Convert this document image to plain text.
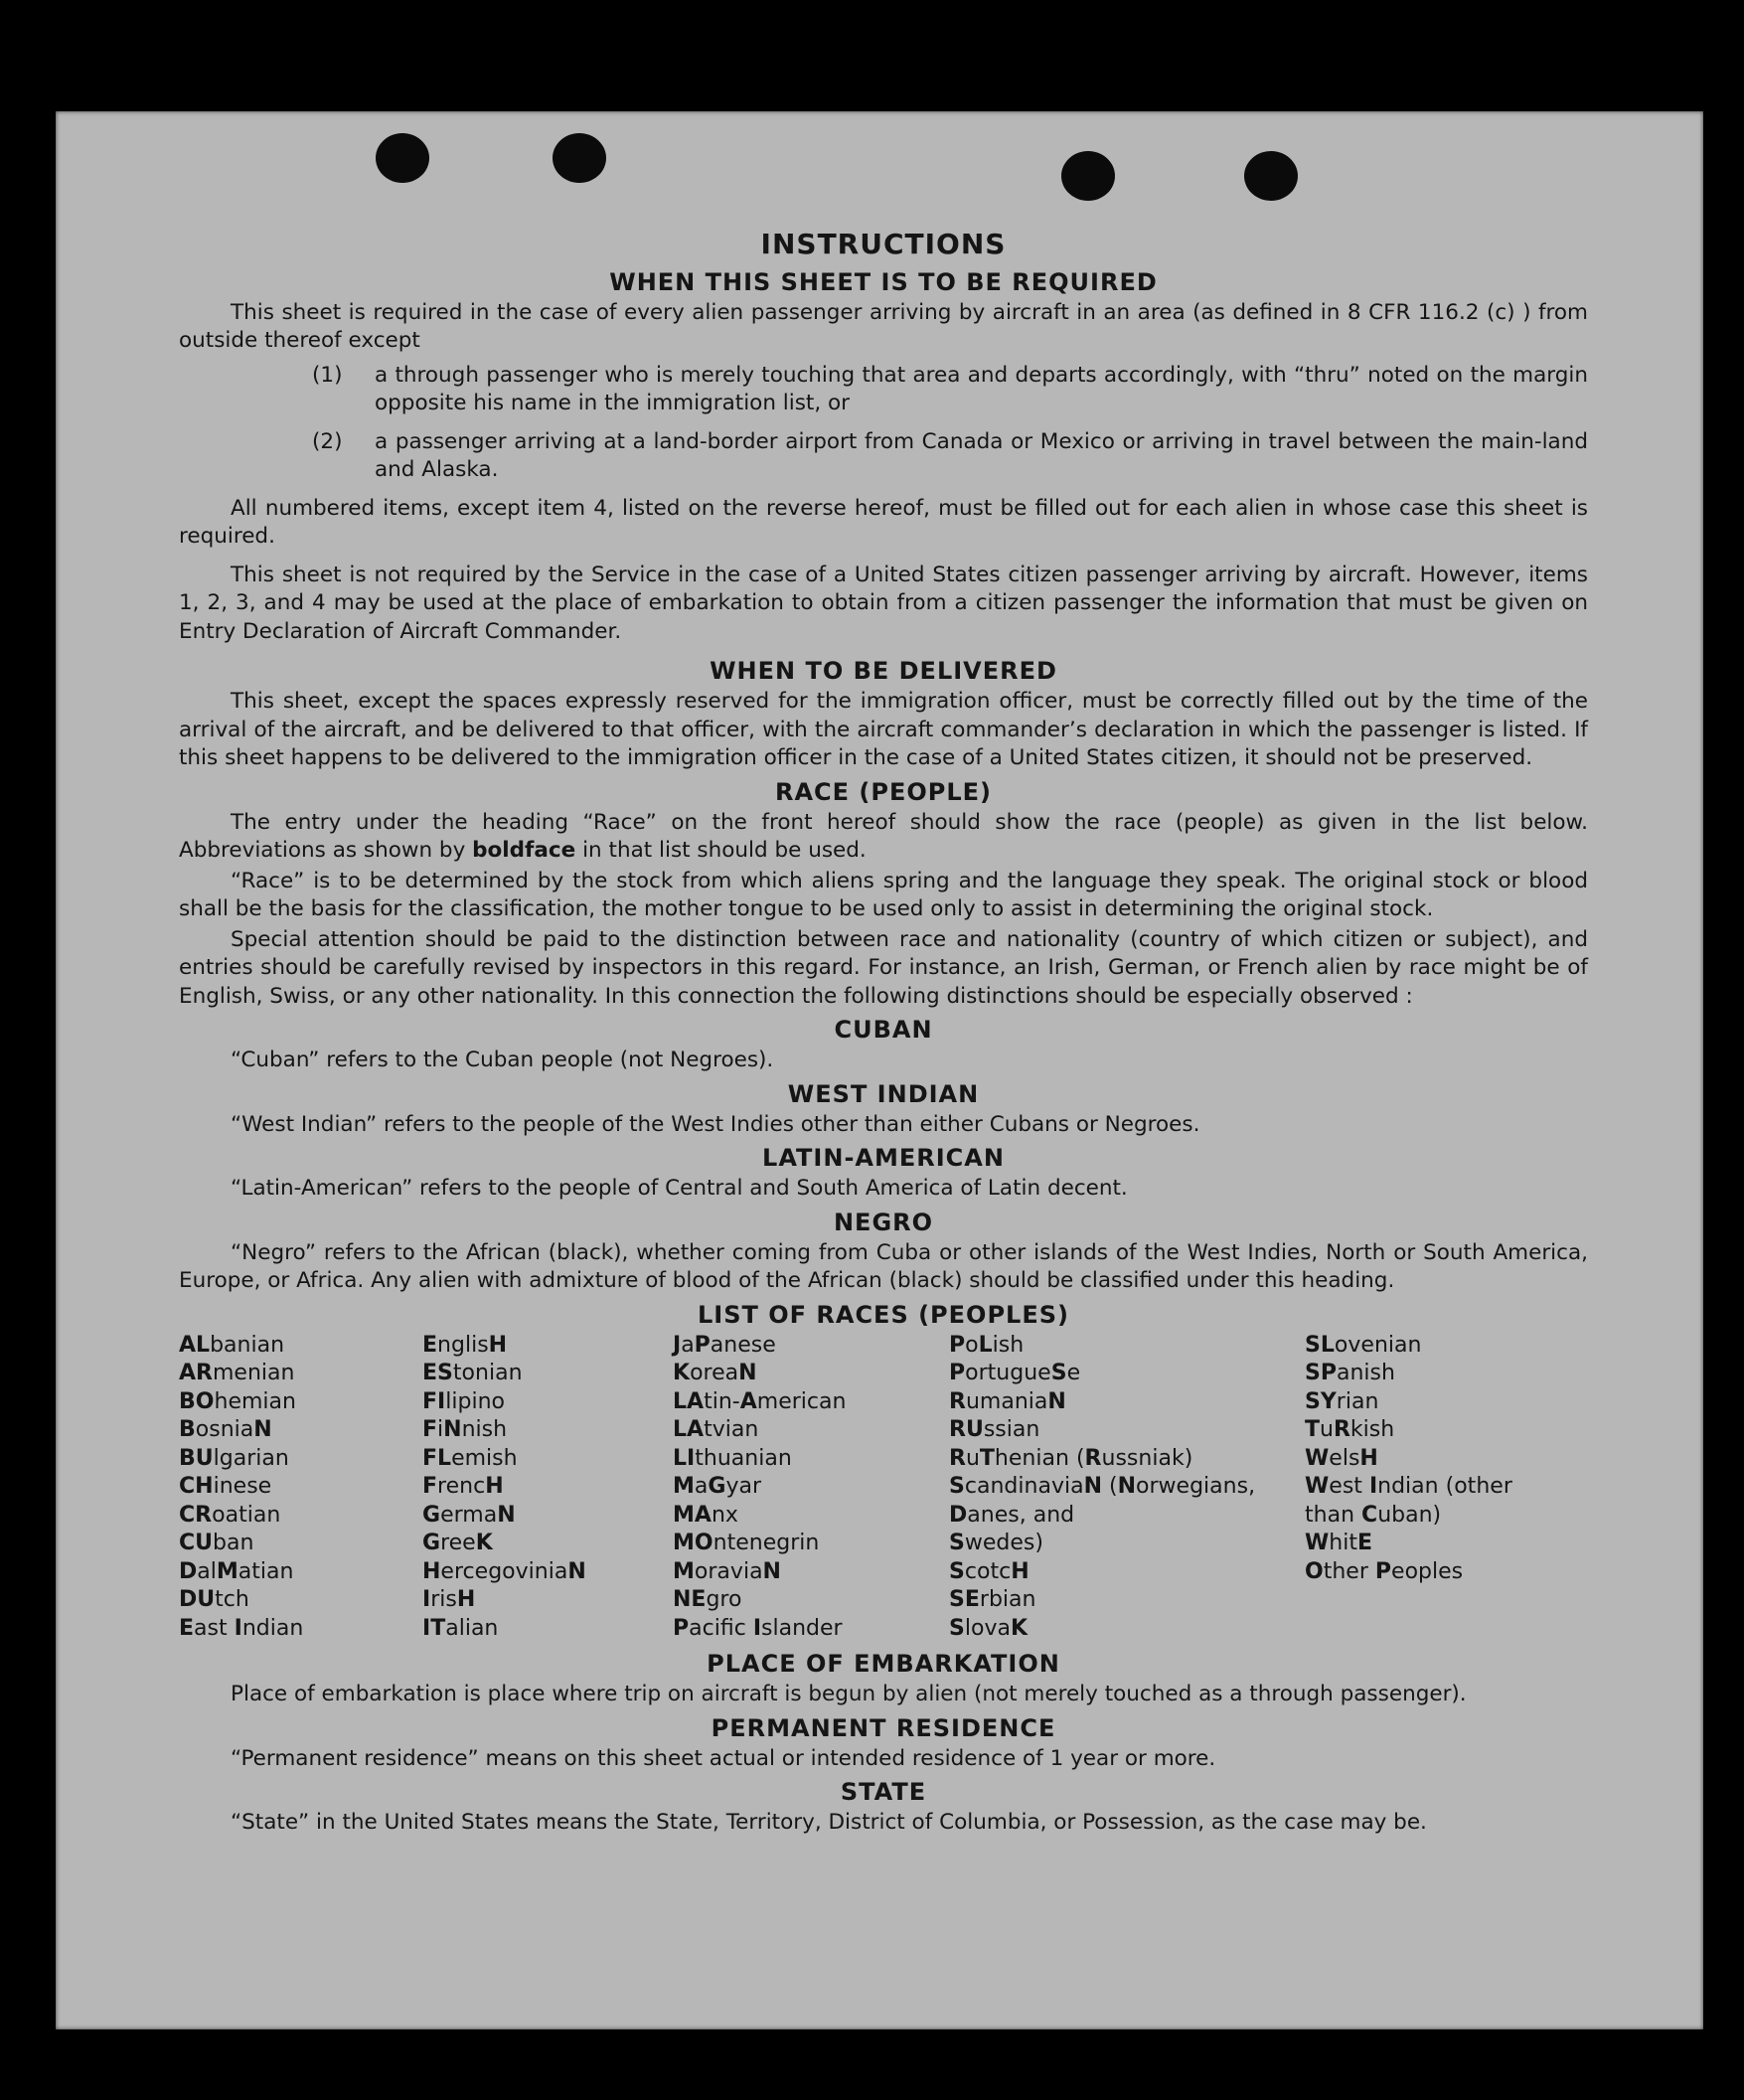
INSTRUCTIONS
WHEN THIS SHEET IS TO BE REQUIRED

This sheet is required in the case of every alien passenger arriving by aircraft in an area (as defined in 8 CFR 116.2 (c) ) from outside thereof except

(1) a through passenger who is merely touching that area and departs accordingly, with “thru” noted on the margin opposite his name in the immigration list, or
(2) a passenger arriving at a land-border airport from Canada or Mexico or arriving in travel between the main-land and Alaska.

All numbered items, except item 4, listed on the reverse hereof, must be filled out for each alien in whose case this sheet is required.

This sheet is not required by the Service in the case of a United States citizen passenger arriving by aircraft. However, items 1, 2, 3, and 4 may be used at the place of embarkation to obtain from a citizen passenger the information that must be given on Entry Declaration of Aircraft Commander.

WHEN TO BE DELIVERED

This sheet, except the spaces expressly reserved for the immigration officer, must be correctly filled out by the time of the arrival of the aircraft, and be delivered to that officer, with the aircraft commander’s declaration in which the passenger is listed. If this sheet happens to be delivered to the immigration officer in the case of a United States citizen, it should not be preserved.

RACE (PEOPLE)

The entry under the heading “Race” on the front hereof should show the race (people) as given in the list below. Abbreviations as shown by boldface in that list should be used.

“Race” is to be determined by the stock from which aliens spring and the language they speak. The original stock or blood shall be the basis for the classification, the mother tongue to be used only to assist in determining the original stock.

Special attention should be paid to the distinction between race and nationality (country of which citizen or subject), and entries should be carefully revised by inspectors in this regard. For instance, an Irish, German, or French alien by race might be of English, Swiss, or any other nationality. In this connection the following distinctions should be especially observed :

CUBAN

“Cuban” refers to the Cuban people (not Negroes).

WEST INDIAN

“West Indian” refers to the people of the West Indies other than either Cubans or Negroes.

LATIN-AMERICAN

“Latin-American” refers to the people of Central and South America of Latin decent.

NEGRO

“Negro” refers to the African (black), whether coming from Cuba or other islands of the West Indies, North or South America, Europe, or Africa. Any alien with admixture of blood of the African (black) should be classified under this heading.

LIST OF RACES (PEOPLES)
ALbanian
ARmenian
BOhemian
BosniaN
BUlgarian
CHinese
CRoatian
CUban
DalMatian
DUtch
East Indian
EnglisH
EStonian
FIlipino
FiNnish
FLemish
FrencH
GermaN
GreeK
HercegoviniaN
IrisH
ITalian
JaPanese
KoreaN
LAtin-American
LAtvian
LIthuanian
MaGyar
MAnx
MOntenegrin
MoraviaN
NEgro
Pacifc Islander
PoLish
PortugueSe
RumaniaN
RUssian
RuThenian (Russniak)
ScandinaviaN (Norwegians,
Danes, and
Swedes)
ScotcH
SErbian
SlovaK
SLovenian
SPanish
SYrian
TuRkish
WelsH
West Indian (other
than Cuban)
WhitE
Other Peoples
PLACE OF EMBARKATION

Place of embarkation is place where trip on aircraft is begun by alien (not merely touched as a through passenger).

PERMANENT RESIDENCE

“Permanent residence” means on this sheet actual or intended residence of 1 year or more.

STATE

“State” in the United States means the State, Territory, District of Columbia, or Possession, as the case may be.
